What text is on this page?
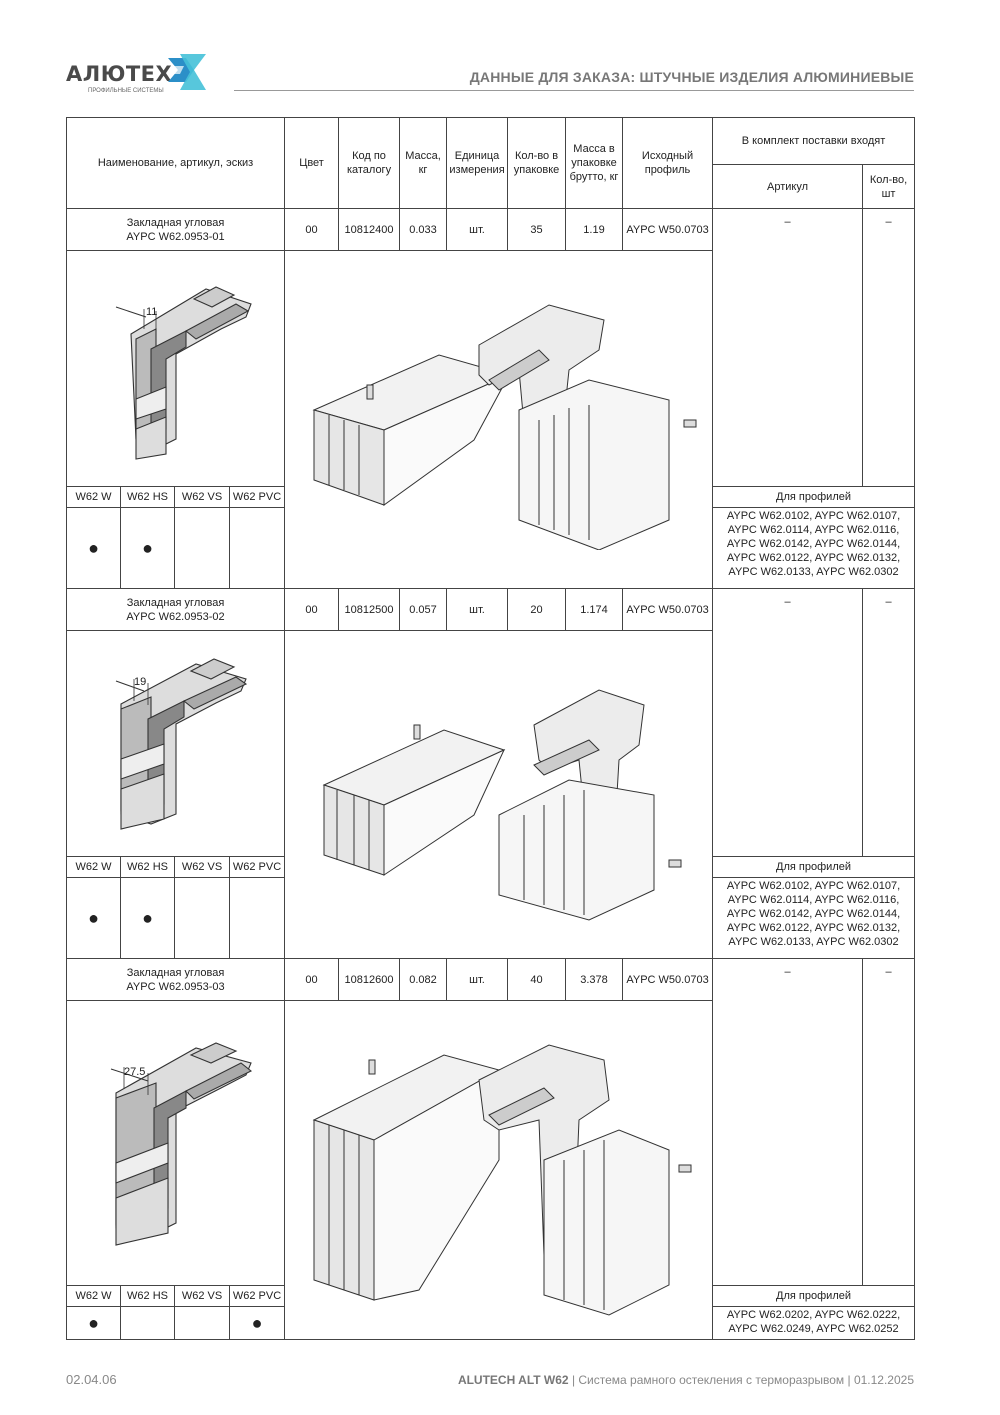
АЛЮТЕХ
ПРОФИЛЬНЫЕ СИСТЕМЫ
ДАННЫЕ ДЛЯ ЗАКАЗА: ШТУЧНЫЕ ИЗДЕЛИЯ АЛЮМИНИЕВЫЕ
Наименование, артикул, эскиз				Цвет	Код по каталогу	Масса, кг	Единица измерения	Кол-во в упаковке	Масса в упаковке брутто, кг	Исходный профиль	В комплект поставки входят	
											Артикул	Кол-во, шт

Закладная угловая
AYPC W62.0953-01				00	10812400	0.033	шт.	35	1.19	AYPC W50.0703	–	–

11

W62 W	W62 HS	W62 VS	W62 PVC								Для профилей	
●	●										AYPC W62.0102, AYPC W62.0107,
AYPC W62.0114, AYPC W62.0116,
AYPC W62.0142, AYPC W62.0144,
AYPC W62.0122, AYPC W62.0132,
AYPC W62.0133, AYPC W62.0302	

Закладная угловая
AYPC W62.0953-02				00	10812500	0.057	шт.	20	1.174	AYPC W50.0703	–	–

19

W62 W	W62 HS	W62 VS	W62 PVC								Для профилей	
●	●										AYPC W62.0102, AYPC W62.0107,
AYPC W62.0114, AYPC W62.0116,
AYPC W62.0142, AYPC W62.0144,
AYPC W62.0122, AYPC W62.0132,
AYPC W62.0133, AYPC W62.0302	

Закладная угловая
AYPC W62.0953-03				00	10812600	0.082	шт.	40	3.378	AYPC W50.0703	–	–

27.5

W62 W	W62 HS	W62 VS	W62 PVC								Для профилей	
●			●								AYPC W62.0202, AYPC W62.0222,
AYPC W62.0249, AYPC W62.0252	
02.04.06	ALUTECH ALT W62 | Система рамного остекления с терморазрывом | 01.12.2025
